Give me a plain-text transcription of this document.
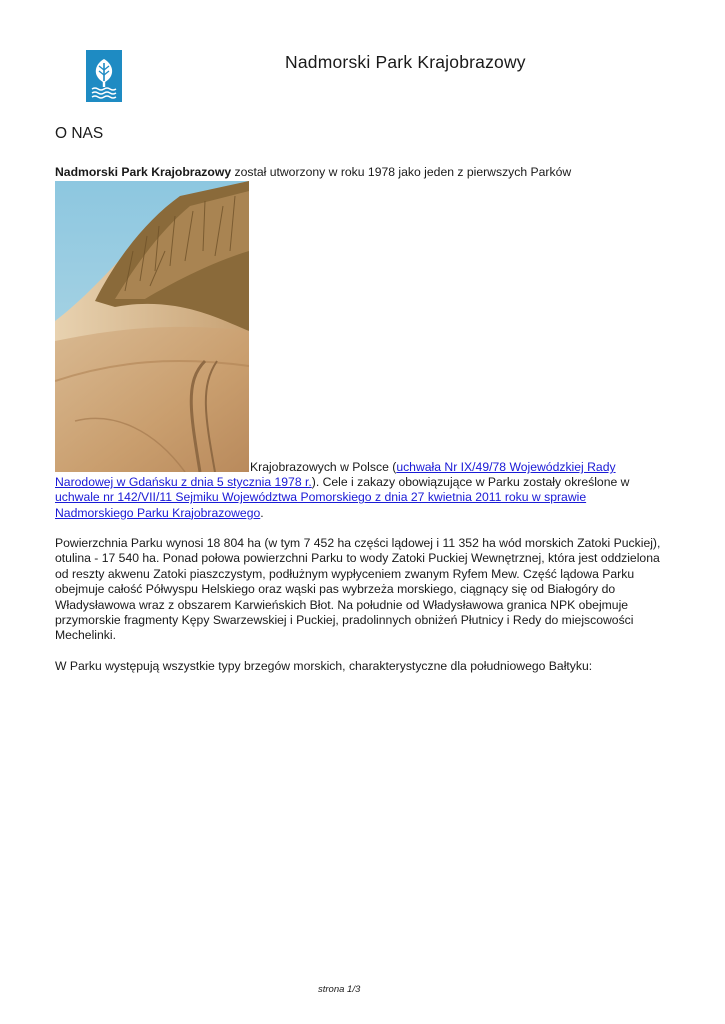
Nadmorski Park Krajobrazowy
O NAS
Nadmorski Park Krajobrazowy został utworzony w roku 1978 jako jeden z pierwszych Parków
Krajobrazowych w Polsce (uchwała Nr IX/49/78 Wojewódzkiej Rady

Narodowej w Gdańsku z dnia 5 stycznia 1978 r.). Cele i zakazy obowiązujące w Parku zostały określone w

uchwale nr 142/VII/11 Sejmiku Województwa Pomorskiego z dnia 27 kwietnia 2011 roku w sprawie

Nadmorskiego Parku Krajobrazowego.

Powierzchnia Parku wynosi 18 804 ha (w tym 7 452 ha części lądowej i 11 352 ha wód morskich Zatoki Puckiej),

otulina - 17 540 ha. Ponad połowa powierzchni Parku to wody Zatoki Puckiej Wewnętrznej, która jest oddzielona

od reszty akwenu Zatoki piaszczystym, podłużnym wypłyceniem zwanym Ryfem Mew. Część lądowa Parku

obejmuje całość Półwyspu Helskiego oraz wąski pas wybrzeża morskiego, ciągnący się od Białogóry do

Władysławowa wraz z obszarem Karwieńskich Błot. Na południe od Władysławowa granica NPK obejmuje

przymorskie fragmenty Kępy Swarzewskiej i Puckiej, pradolinnych obniżeń Płutnicy i Redy do miejscowości

Mechelinki.

W Parku występują wszystkie typy brzegów morskich, charakterystyczne dla południowego Bałtyku:

strona 1/3
